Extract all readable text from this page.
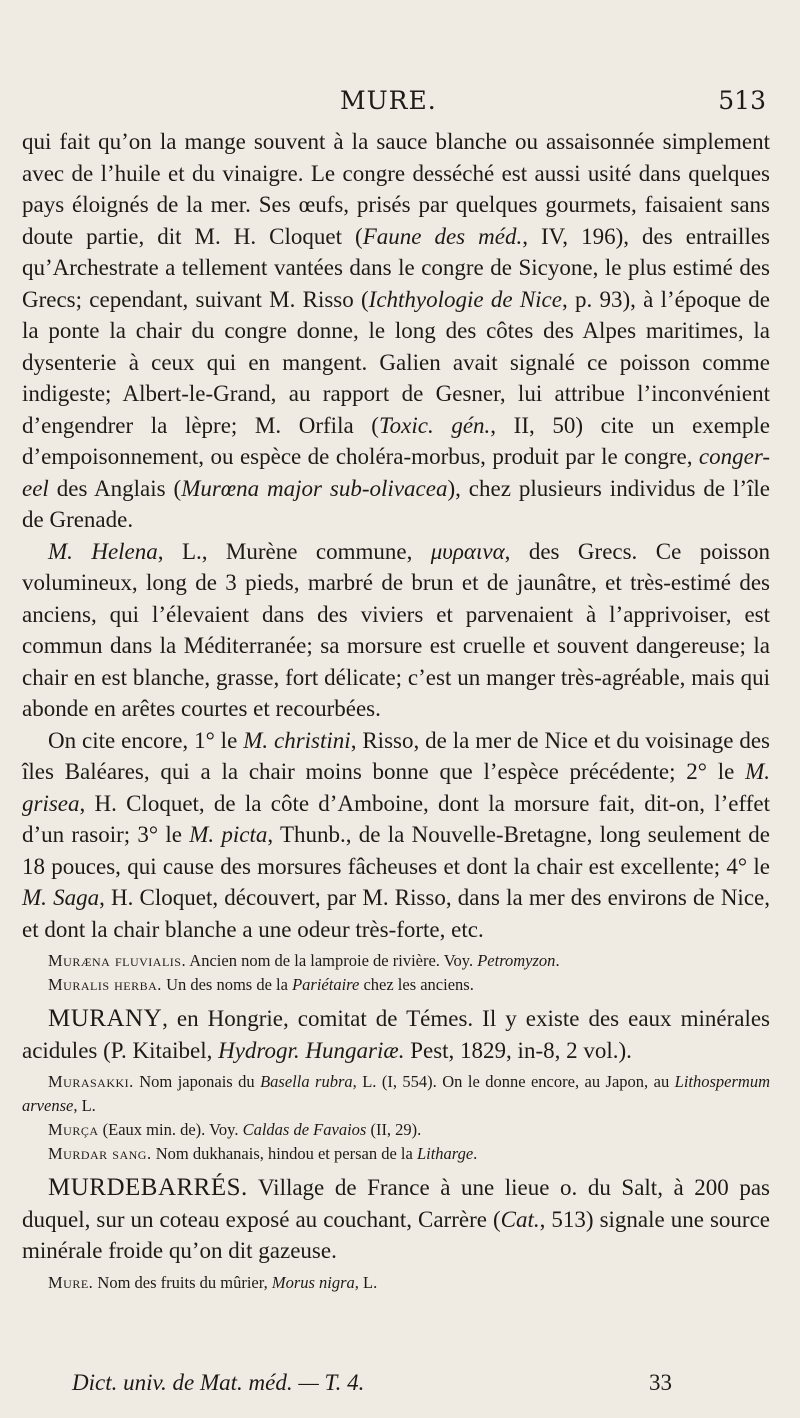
MURE.	513

qui fait qu’on la mange souvent à la sauce blanche ou assaisonnée simplement avec de l’huile et du vinaigre. Le congre desséché est aussi usité dans quelques pays éloignés de la mer. Ses œufs, prisés par quelques gourmets, faisaient sans doute partie, dit M. H. Cloquet (Faune des méd., IV, 196), des entrailles qu’Archestrate a tellement vantées dans le congre de Sicyone, le plus estimé des Grecs; cependant, suivant M. Risso (Ichthyologie de Nice, p. 93), à l’époque de la ponte la chair du congre donne, le long des côtes des Alpes maritimes, la dysenterie à ceux qui en mangent. Galien avait signalé ce poisson comme indigeste; Albert-le-Grand, au rapport de Gesner, lui attribue l’inconvénient d’engendrer la lèpre; M. Orfila (Toxic. gén., II, 50) cite un exemple d’empoisonnement, ou espèce de choléra-morbus, produit par le congre, conger-eel des Anglais (Murœna major sub-olivacea), chez plusieurs individus de l’île de Grenade.

M. Helena, L., Murène commune, μυραινα, des Grecs. Ce poisson volumineux, long de 3 pieds, marbré de brun et de jaunâtre, et très-estimé des anciens, qui l’élevaient dans des viviers et parvenaient à l’apprivoiser, est commun dans la Méditerranée; sa morsure est cruelle et souvent dangereuse; la chair en est blanche, grasse, fort délicate; c’est un manger très-agréable, mais qui abonde en arêtes courtes et recourbées.

On cite encore, 1° le M. christini, Risso, de la mer de Nice et du voisinage des îles Baléares, qui a la chair moins bonne que l’espèce précédente; 2° le M. grisea, H. Cloquet, de la côte d’Amboine, dont la morsure fait, dit-on, l’effet d’un rasoir; 3° le M. picta, Thunb., de la Nouvelle-Bretagne, long seulement de 18 pouces, qui cause des morsures fâcheuses et dont la chair est excellente; 4° le M. Saga, H. Cloquet, découvert, par M. Risso, dans la mer des environs de Nice, et dont la chair blanche a une odeur très-forte, etc.

Muræna fluvialis. Ancien nom de la lamproie de rivière. Voy. Petromyzon.

Muralis herba. Un des noms de la Pariétaire chez les anciens.

MURANY, en Hongrie, comitat de Témes. Il y existe des eaux minérales acidules (P. Kitaibel, Hydrogr. Hungariæ. Pest, 1829, in-8, 2 vol.).

Murasakki. Nom japonais du Basella rubra, L. (I, 554). On le donne encore, au Japon, au Lithospermum arvense, L.

Murça (Eaux min. de). Voy. Caldas de Favaios (II, 29).

Murdar sang. Nom dukhanais, hindou et persan de la Litharge.

MURDEBARRÉS. Village de France à une lieue o. du Salt, à 200 pas duquel, sur un coteau exposé au couchant, Carrère (Cat., 513) signale une source minérale froide qu’on dit gazeuse.

Mure. Nom des fruits du mûrier, Morus nigra, L.

Dict. univ. de Mat. méd. — T. 4.	33
